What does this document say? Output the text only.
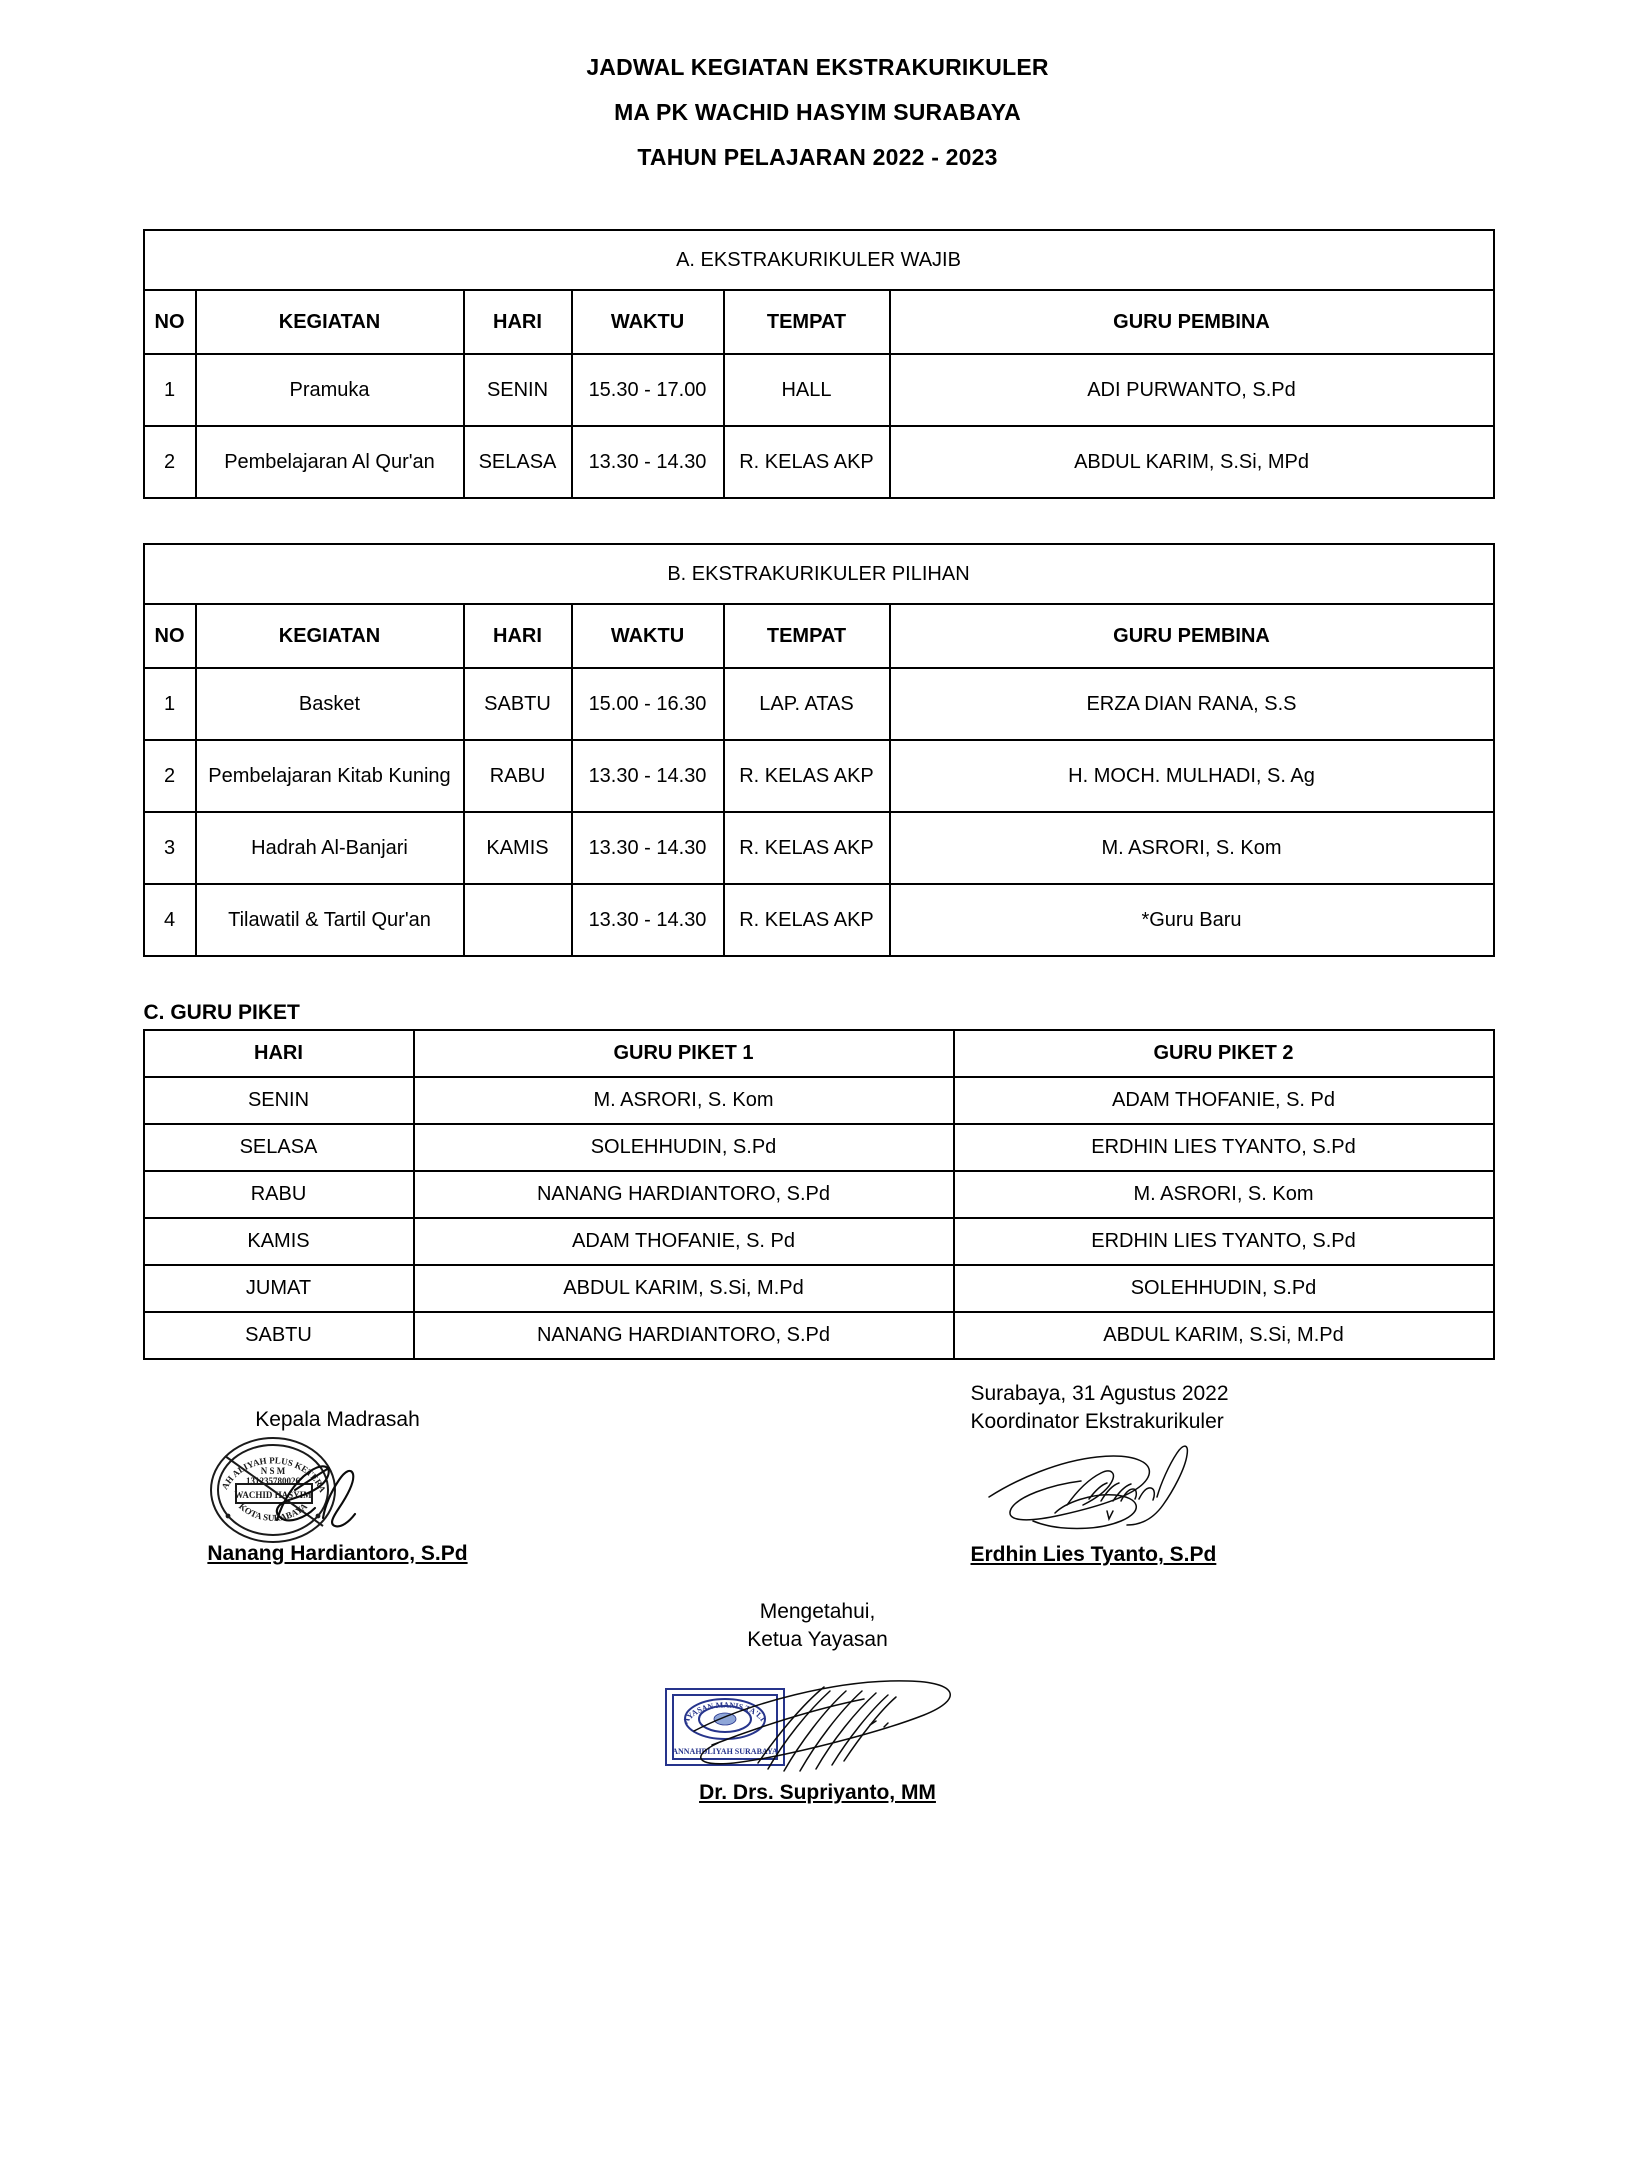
JADWAL KEGIATAN EKSTRAKURIKULER
MA PK WACHID HASYIM SURABAYA
TAHUN PELAJARAN 2022 - 2023
A. EKSTRAKURIKULER WAJIB					
NO	KEGIATAN	HARI	WAKTU	TEMPAT	GURU PEMBINA
1	Pramuka	SENIN	15.30 - 17.00	HALL	ADI PURWANTO, S.Pd
2	Pembelajaran Al Qur'an	SELASA	13.30 - 14.30	R. KELAS AKP	ABDUL KARIM, S.Si, MPd
B. EKSTRAKURIKULER PILIHAN					
NO	KEGIATAN	HARI	WAKTU	TEMPAT	GURU PEMBINA
1	Basket	SABTU	15.00 - 16.30	LAP. ATAS	ERZA DIAN RANA, S.S
2	Pembelajaran Kitab Kuning	RABU	13.30 - 14.30	R. KELAS AKP	H. MOCH. MULHADI, S. Ag
3	Hadrah Al-Banjari	KAMIS	13.30 - 14.30	R. KELAS AKP	M. ASRORI, S. Kom
4	Tilawatil & Tartil Qur'an		13.30 - 14.30	R. KELAS AKP	*Guru Baru
C. GURU PIKET
HARI	GURU PIKET 1	GURU PIKET 2
SENIN	M. ASRORI, S. Kom	ADAM THOFANIE, S. Pd
SELASA	SOLEHHUDIN, S.Pd	ERDHIN LIES TYANTO, S.Pd
RABU	NANANG HARDIANTORO, S.Pd	M. ASRORI, S. Kom
KAMIS	ADAM THOFANIE, S. Pd	ERDHIN LIES TYANTO, S.Pd
JUMAT	ABDUL KARIM, S.Si, M.Pd	SOLEHHUDIN, S.Pd
SABTU	NANANG HARDIANTORO, S.Pd	ABDUL KARIM, S.Si, M.Pd
Kepala Madrasah
N S M
131235780026
WACHID HASYIM
MADRASAH ALIYAH PLUS KETERAMPILAN
KOTA SURABAYA
Nanang Hardiantoro, S.Pd
Surabaya, 31 Agustus 2022
Koordinator Ekstrakurikuler
Erdhin Lies Tyanto, S.Pd
Mengetahui,
Ketua Yayasan
YAYASAN MANIS TA'LIM
ANNAHDLIYAH SURABAYA
Dr. Drs. Supriyanto, MM
